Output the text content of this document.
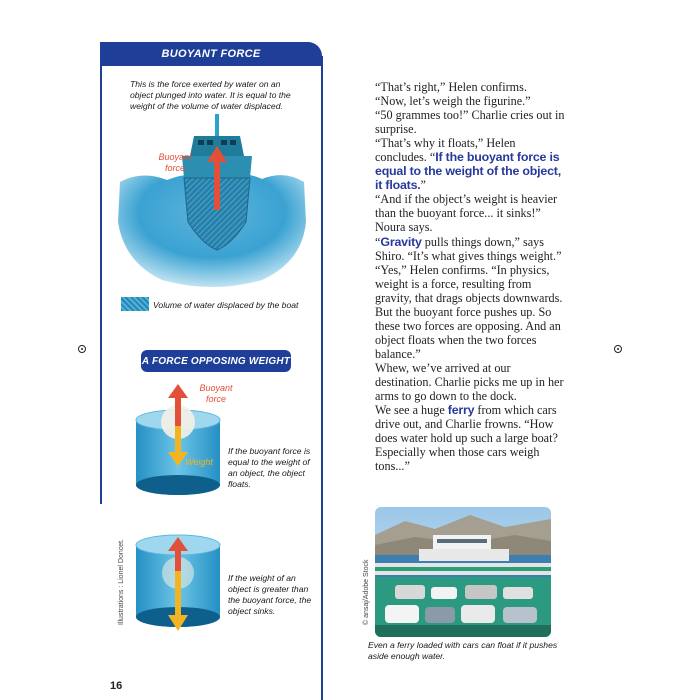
BUOYANT FORCE
This is the force exerted by water on an object plunged into water. It is equal to the weight of the volume of water displaced.
Buoyant force
Volume of water displaced by the boat
A FORCE OPPOSING WEIGHT
Buoyant force
Weight
If the buoyant force is equal to the weight of an object, the object floats.
If the weight of an object is greater than the buoyant force, the object sinks.
Illustrations : Lionel Doncet.
16

“That’s right,” Helen confirms.

“Now, let’s weigh the figurine.”

“50 grammes too!” Charlie cries out in surprise.

“That’s why it floats,” Helen concludes. “If the buoyant force is equal to the weight of the object, it floats.”

“And if the object’s weight is heavier than the buoyant force... it sinks!” Noura says.

“Gravity pulls things down,” says Shiro. “It’s what gives things weight.”

“Yes,” Helen confirms. “In physics, weight is a force, resulting from gravity, that drags objects downwards. But the buoyant force pushes up. So these two forces are opposing. And an object floats when the two forces balance.”

Whew, we’ve arrived at our destination. Charlie picks me up in her arms to go down to the dock.

We see a huge ferry from which cars drive out, and Charlie frowns. “How does water hold up such a large boat? Especially when those cars weigh tons...”

© ansaj/Adobe Stock
Even a ferry loaded with cars can float if it pushes aside enough water.
